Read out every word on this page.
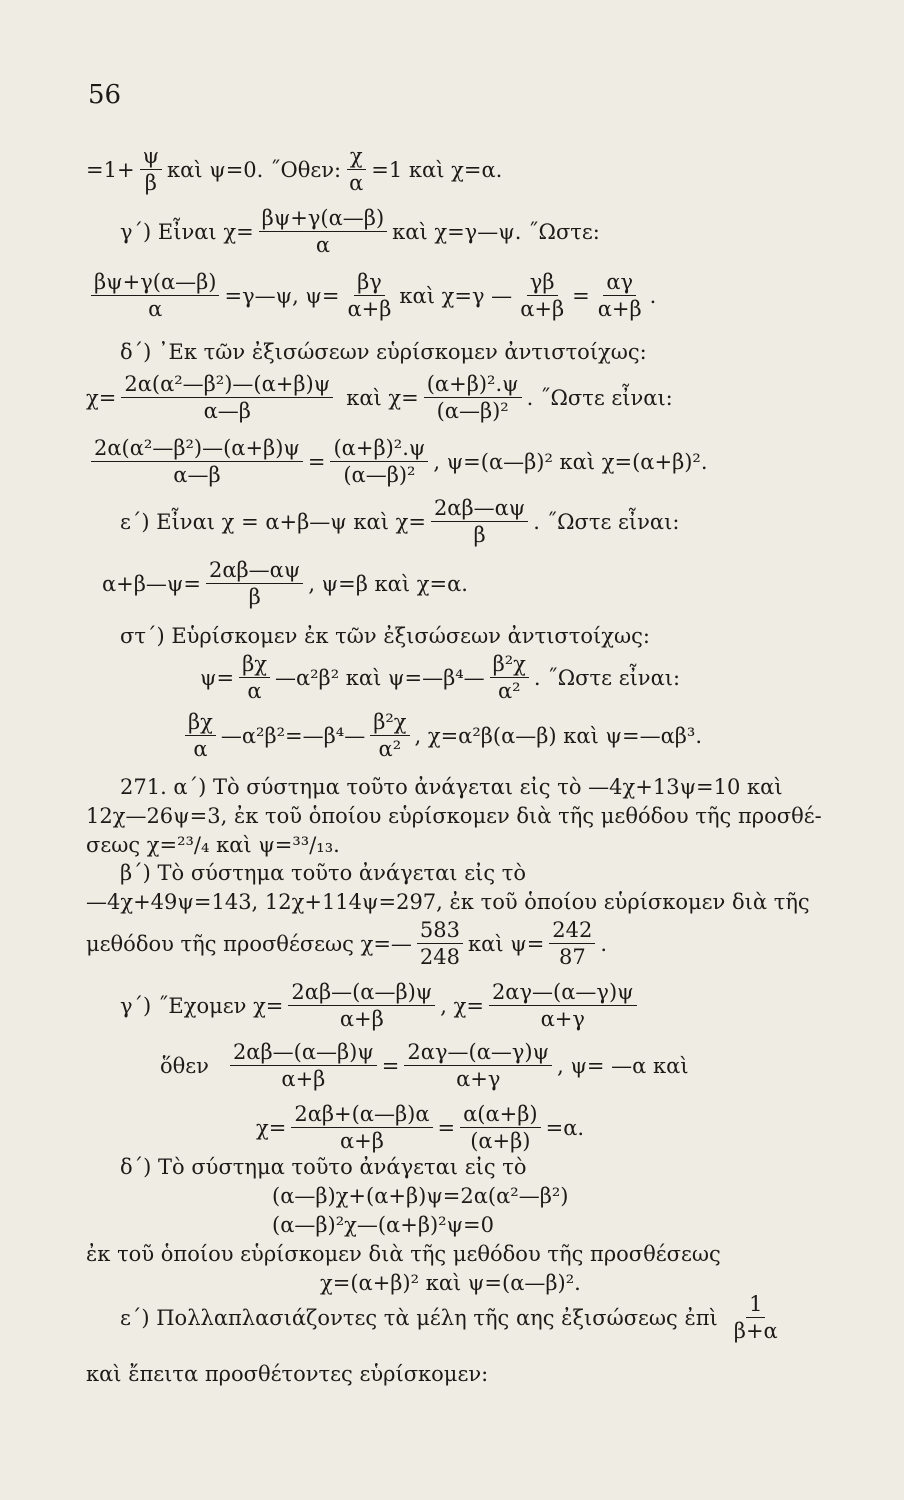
56
$=1+ \frac{\psi}{\beta}$ καὶ ψ=0. ˝Οθεν: $\frac{\chi}{\alpha} =1$ καὶ χ=α.
γ΄) Εἶναι $\chi= \frac{\beta\psi+\gamma(\alpha—\beta)}{\alpha}$ καὶ χ=γ—ψ. ˝Ωστε:
$\frac{\beta\psi+\gamma(\alpha—\beta)}{\alpha}$ =γ—ψ, $\psi= \frac{\beta\gamma}{\alpha+\beta}$ καὶ χ=γ — $\frac{\gamma\beta}{\alpha+\beta} = \frac{\alpha\gamma}{\alpha+\beta}$ .
δ΄) ᾽Εκ τῶν ἐξισώσεων εὑρίσκομεν ἀντιστοίχως:
$\chi= \frac{\text{2α(α²—β²)—(α+β)ψ}}{\alpha—\beta}$ καὶ $\chi= \frac{\text{(α+β)².ψ}}{\text{(α—β)²}}$ . ˝Ωστε εἶναι:
$\frac{\text{2α(α²—β²)—(α+β)ψ}}{\alpha—\beta} = \frac{\text{(α+β)².ψ}}{\text{(α—β)²}}$ , ψ=(α—β)² καὶ χ=(α+β)².
ε΄) Εἶναι χ = α+β—ψ καὶ $\chi= \frac{2\alpha\beta—\alpha\psi}{\beta}$ . ˝Ωστε εἶναι:
α+β—ψ= $\frac{2\alpha\beta—\alpha\psi}{\beta}$ , ψ=β καὶ χ=α.
στ΄) Εὑρίσκομεν ἐκ τῶν ἐξισώσεων ἀντιστοίχως:
$\psi= \frac{\beta\chi}{\alpha}$ —α²β² καὶ ψ=—β⁴— $\frac{\text{β²χ}}{\text{α²}}$ . ˝Ωστε εἶναι:
$\frac{\beta\chi}{\alpha}$ —α²β²=—β⁴— $\frac{\text{β²χ}}{\text{α²}}$ , χ=α²β(α—β) καὶ ψ=—αβ³.
271. α΄) Τὸ σύστημα τοῦτο ἀνάγεται εἰς τὸ —4χ+13ψ=10 καὶ
12χ—26ψ=3, ἐκ τοῦ ὁποίου εὑρίσκομεν διὰ τῆς μεθόδου τῆς προσθέ-
σεως χ=²³/₄ καὶ ψ=³³/₁₃.
β΄) Τὸ σύστημα τοῦτο ἀνάγεται εἰς τὸ
—4χ+49ψ=143, 12χ+114ψ=297, ἐκ τοῦ ὁποίου εὑρίσκομεν διὰ τῆς
μεθόδου τῆς προσθέσεως χ=— $\frac{583}{248}$ καὶ $\psi= \frac{242}{87}$ .
γ΄) ˝Εχομεν $\chi= \frac{2\alpha\beta—(\alpha—\beta)\psi}{\alpha+\beta}$ , $\chi= \frac{2\alpha\gamma—(\alpha—\gamma)\psi}{\alpha+\gamma}$
ὅθεν $\frac{2\alpha\beta—(\alpha—\beta)\psi}{\alpha+\beta} = \frac{2\alpha\gamma—(\alpha—\gamma)\psi}{\alpha+\gamma}$ , ψ= —α καὶ
$\chi= \frac{2\alpha\beta+(\alpha—\beta)\alpha}{\alpha+\beta} = \frac{\alpha(\alpha+\beta)}{(\alpha+\beta)} =\alpha$.
δ΄) Τὸ σύστημα τοῦτο ἀνάγεται εἰς τὸ
(α—β)χ+(α+β)ψ=2α(α²—β²)
(α—β)²χ—(α+β)²ψ=0
ἐκ τοῦ ὁποίου εὑρίσκομεν διὰ τῆς μεθόδου τῆς προσθέσεως
χ=(α+β)² καὶ ψ=(α—β)².
ε΄) Πολλαπλασιάζοντες τὰ μέλη τῆς αης ἐξισώσεως ἐπὶ $\frac{1}{\beta+\alpha}$
καὶ ἔπειτα προσθέτοντες εὑρίσκομεν:
